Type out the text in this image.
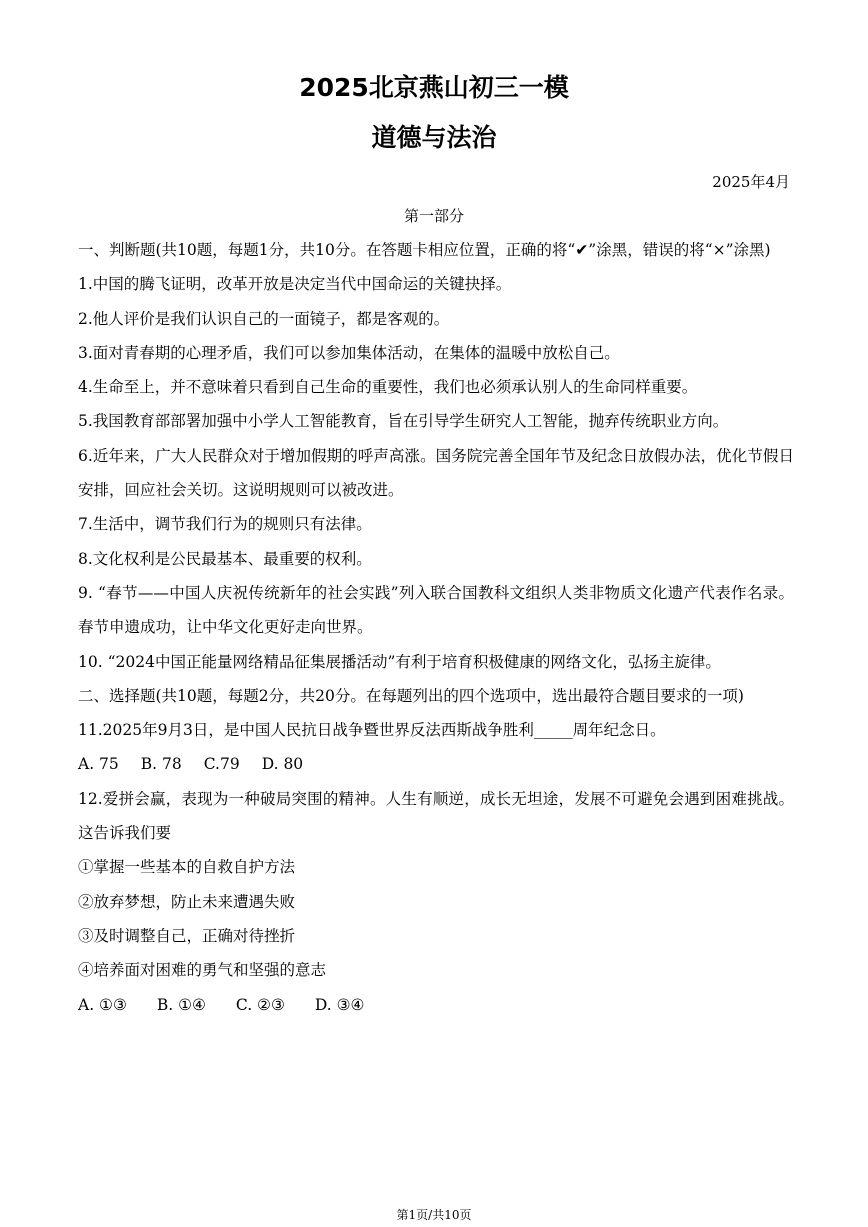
2025北京燕山初三一模
道德与法治
2025年4月
第一部分

一、判断题(共10题，每题1分，共10分。在答题卡相应位置，正确的将“✔”涂黑，错误的将“×”涂黑)

1.中国的腾飞证明，改革开放是决定当代中国命运的关键抉择。

2.他人评价是我们认识自己的一面镜子，都是客观的。

3.面对青春期的心理矛盾，我们可以参加集体活动，在集体的温暖中放松自己。

4.生命至上，并不意味着只看到自己生命的重要性，我们也必须承认别人的生命同样重要。

5.我国教育部部署加强中小学人工智能教育，旨在引导学生研究人工智能，抛弃传统职业方向。

6.近年来，广大人民群众对于增加假期的呼声高涨。国务院完善全国年节及纪念日放假办法，优化节假日安排，回应社会关切。这说明规则可以被改进。

7.生活中，调节我们行为的规则只有法律。

8.文化权利是公民最基本、最重要的权利。

9. “春节——中国人庆祝传统新年的社会实践”列入联合国教科文组织人类非物质文化遗产代表作名录。春节申遗成功，让中华文化更好走向世界。

10. “2024中国正能量网络精品征集展播活动”有利于培育积极健康的网络文化，弘扬主旋律。

二、选择题(共10题，每题2分，共20分。在每题列出的四个选项中，选出最符合题目要求的一项)

11.2025年9月3日，是中国人民抗日战争暨世界反法西斯战争胜利_____周年纪念日。

A. 75 B. 78 C.79 D. 80

12.爱拼会赢，表现为一种破局突围的精神。人生有顺逆，成长无坦途，发展不可避免会遇到困难挑战。这告诉我们要

①掌握一些基本的自救自护方法

②放弃梦想，防止未来遭遇失败

③及时调整自己，正确对待挫折

④培养面对困难的勇气和坚强的意志

A. ①③ B. ①④ C. ②③ D. ③④

第1页/共10页
